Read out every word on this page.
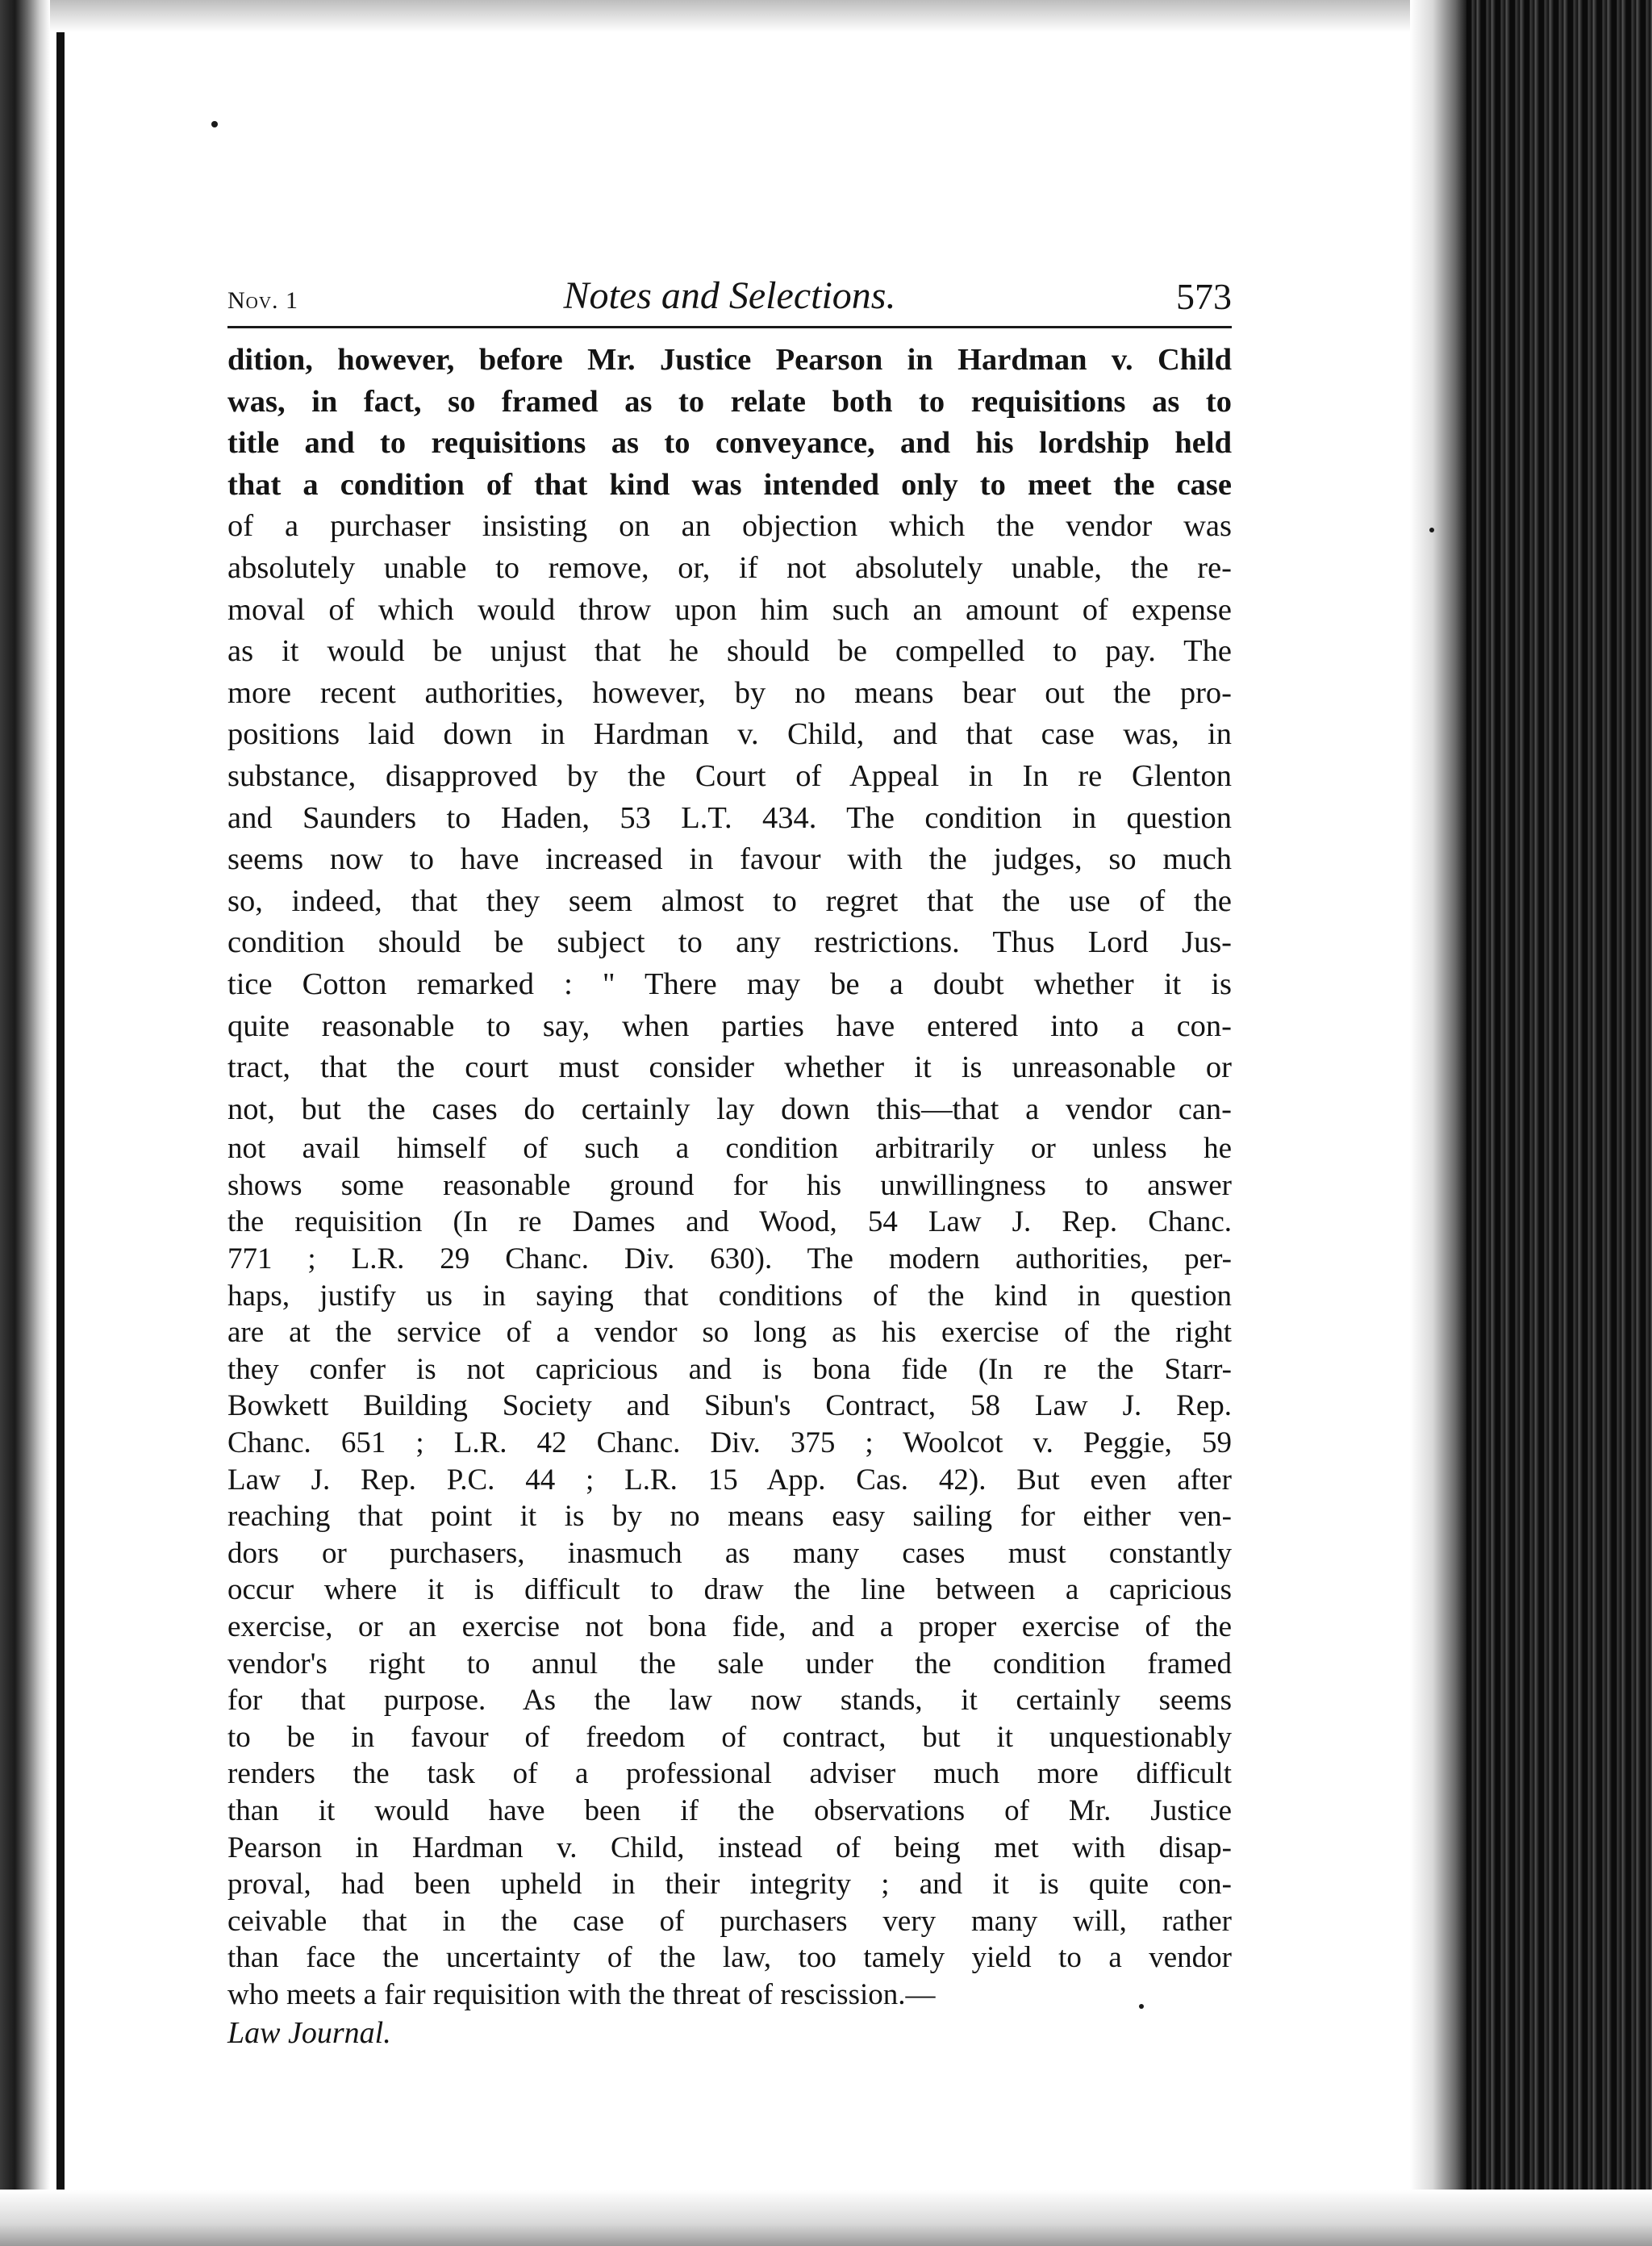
Nov. 1	Notes and Selections.	573
dition, however, before Mr. Justice Pearson in Hardman v. Child
was, in fact, so framed as to relate both to requisitions as to
title and to requisitions as to conveyance, and his lordship held
that a condition of that kind was intended only to meet the case
of a purchaser insisting on an objection which the vendor was
absolutely unable to remove, or, if not absolutely unable, the re-
moval of which would throw upon him such an amount of expense
as it would be unjust that he should be compelled to pay. The
more recent authorities, however, by no means bear out the pro-
positions laid down in Hardman v. Child, and that case was, in
substance, disapproved by the Court of Appeal in In re Glenton
and Saunders to Haden, 53 L.T. 434. The condition in question
seems now to have increased in favour with the judges, so much
so, indeed, that they seem almost to regret that the use of the
condition should be subject to any restrictions. Thus Lord Jus-
tice Cotton remarked : " There may be a doubt whether it is
quite reasonable to say, when parties have entered into a con-
tract, that the court must consider whether it is unreasonable or
not, but the cases do certainly lay down this—that a vendor can-
not avail himself of such a condition arbitrarily or unless he
shows some reasonable ground for his unwillingness to answer
the requisition (In re Dames and Wood, 54 Law J. Rep. Chanc.
771 ; L.R. 29 Chanc. Div. 630). The modern authorities, per-
haps, justify us in saying that conditions of the kind in question
are at the service of a vendor so long as his exercise of the right
they confer is not capricious and is bona fide (In re the Starr-
Bowkett Building Society and Sibun's Contract, 58 Law J. Rep.
Chanc. 651 ; L.R. 42 Chanc. Div. 375 ; Woolcot v. Peggie, 59
Law J. Rep. P.C. 44 ; L.R. 15 App. Cas. 42). But even after
reaching that point it is by no means easy sailing for either ven-
dors or purchasers, inasmuch as many cases must constantly
occur where it is difficult to draw the line between a capricious
exercise, or an exercise not bona fide, and a proper exercise of the
vendor's right to annul the sale under the condition framed
for that purpose. As the law now stands, it certainly seems
to be in favour of freedom of contract, but it unquestionably
renders the task of a professional adviser much more difficult
than it would have been if the observations of Mr. Justice
Pearson in Hardman v. Child, instead of being met with disap-
proval, had been upheld in their integrity ; and it is quite con-
ceivable that in the case of purchasers very many will, rather
than face the uncertainty of the law, too tamely yield to a vendor
who meets a fair requisition with the threat of rescission.—
Law Journal.
